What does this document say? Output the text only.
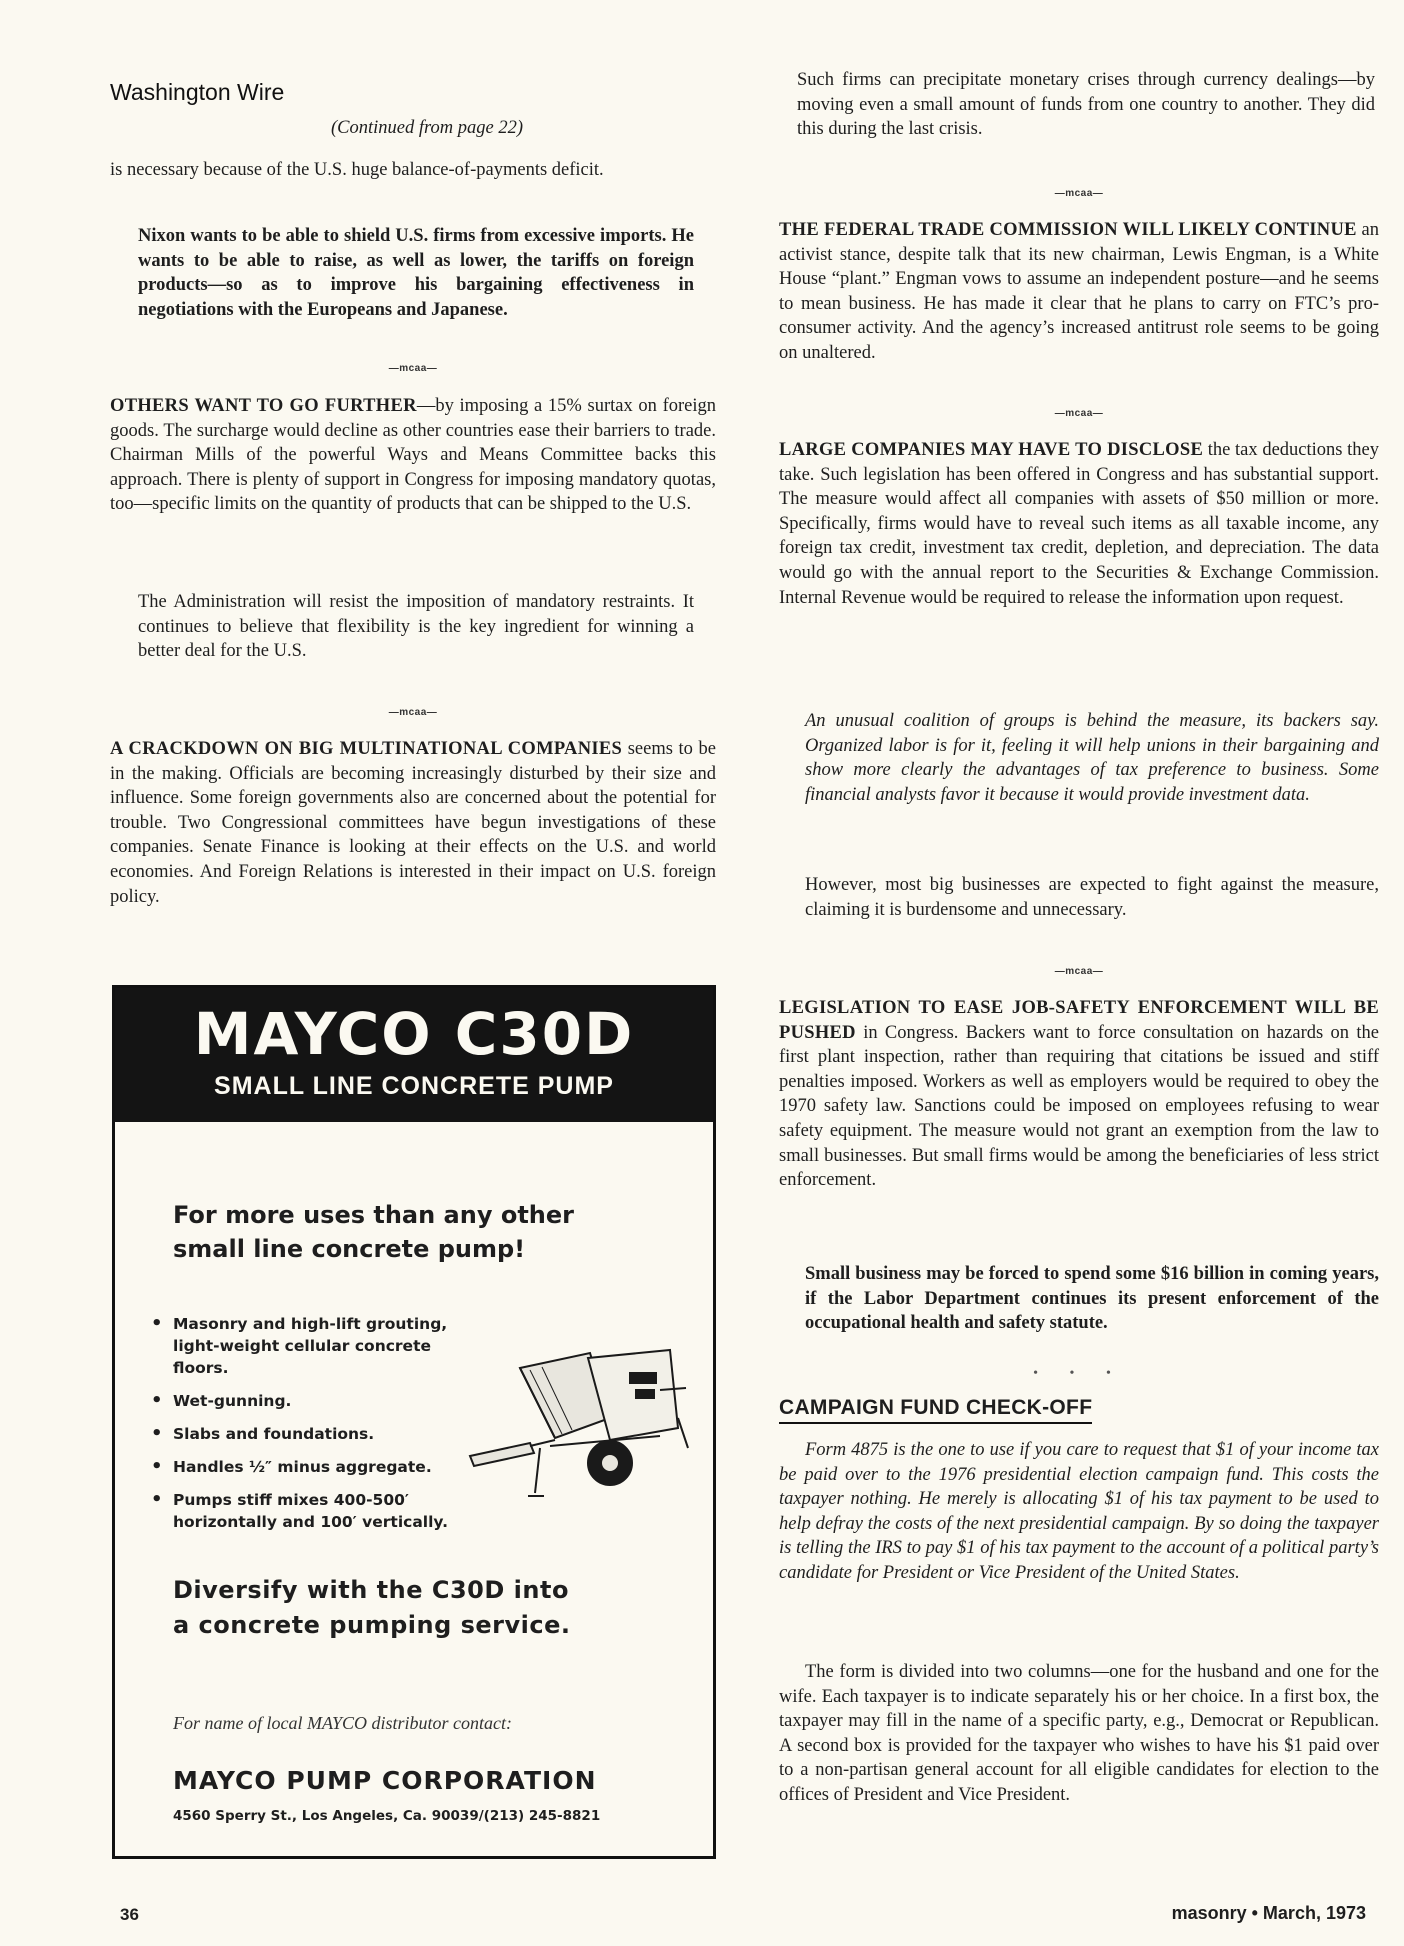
Washington Wire
(Continued from page 22)

is necessary because of the U.S. huge balance-of-payments deficit.

Nixon wants to be able to shield U.S. firms from excessive imports. He wants to be able to raise, as well as lower, the tariffs on foreign products—so as to improve his bargaining effectiveness in negotiations with the Europeans and Japanese.

—mcaa—

OTHERS WANT TO GO FURTHER—by imposing a 15% surtax on foreign goods. The surcharge would decline as other countries ease their barriers to trade. Chairman Mills of the powerful Ways and Means Committee backs this approach. There is plenty of support in Congress for imposing mandatory quotas, too—specific limits on the quantity of products that can be shipped to the U.S.

The Administration will resist the imposition of mandatory restraints. It continues to believe that flexibility is the key ingredient for winning a better deal for the U.S.

—mcaa—

A CRACKDOWN ON BIG MULTINATIONAL COMPANIES seems to be in the making. Officials are becoming increasingly disturbed by their size and influence. Some foreign governments also are concerned about the potential for trouble. Two Congressional committees have begun investigations of these companies. Senate Finance is looking at their effects on the U.S. and world economies. And Foreign Relations is interested in their impact on U.S. foreign policy.

MAYCO C30D
SMALL LINE CONCRETE PUMP
For more uses than any other
small line concrete pump!
• Masonry and high-lift grouting, light-weight cellular concrete floors.
• Wet-gunning.
• Slabs and foundations.
• Handles ½″ minus aggregate.
• Pumps stiff mixes 400-500′ horizontally and 100′ vertically.
Diversify with the C30D into
a concrete pumping service.
For name of local MAYCO distributor contact:
MAYCO PUMP CORPORATION
4560 Sperry St., Los Angeles, Ca. 90039/(213) 245-8821

Such firms can precipitate monetary crises through currency dealings—by moving even a small amount of funds from one country to another. They did this during the last crisis.

—mcaa—

THE FEDERAL TRADE COMMISSION WILL LIKELY CONTINUE an activist stance, despite talk that its new chairman, Lewis Engman, is a White House “plant.” Engman vows to assume an independent posture—and he seems to mean business. He has made it clear that he plans to carry on FTC’s pro-consumer activity. And the agency’s increased antitrust role seems to be going on unaltered.

—mcaa—

LARGE COMPANIES MAY HAVE TO DISCLOSE the tax deductions they take. Such legislation has been offered in Congress and has substantial support. The measure would affect all companies with assets of $50 million or more. Specifically, firms would have to reveal such items as all taxable income, any foreign tax credit, investment tax credit, depletion, and depreciation. The data would go with the annual report to the Securities & Exchange Commission. Internal Revenue would be required to release the information upon request.

An unusual coalition of groups is behind the measure, its backers say. Organized labor is for it, feeling it will help unions in their bargaining and show more clearly the advantages of tax preference to business. Some financial analysts favor it because it would provide investment data.

However, most big businesses are expected to fight against the measure, claiming it is burdensome and unnecessary.

—mcaa—

LEGISLATION TO EASE JOB-SAFETY ENFORCEMENT WILL BE PUSHED in Congress. Backers want to force consultation on hazards on the first plant inspection, rather than requiring that citations be issued and stiff penalties imposed. Workers as well as employers would be required to obey the 1970 safety law. Sanctions could be imposed on employees refusing to wear safety equipment. The measure would not grant an exemption from the law to small businesses. But small firms would be among the beneficiaries of less strict enforcement.

Small business may be forced to spend some $16 billion in coming years, if the Labor Department continues its present enforcement of the occupational health and safety statute.

• • •
CAMPAIGN FUND CHECK-OFF

Form 4875 is the one to use if you care to request that $1 of your income tax be paid over to the 1976 presidential election campaign fund. This costs the taxpayer nothing. He merely is allocating $1 of his tax payment to be used to help defray the costs of the next presidential campaign. By so doing the taxpayer is telling the IRS to pay $1 of his tax payment to the account of a political party’s candidate for President or Vice President of the United States.

The form is divided into two columns—one for the husband and one for the wife. Each taxpayer is to indicate separately his or her choice. In a first box, the taxpayer may fill in the name of a specific party, e.g., Democrat or Republican. A second box is provided for the taxpayer who wishes to have his $1 paid over to a non-partisan general account for all eligible candidates for election to the offices of President and Vice President.

36	masonry • March, 1973
